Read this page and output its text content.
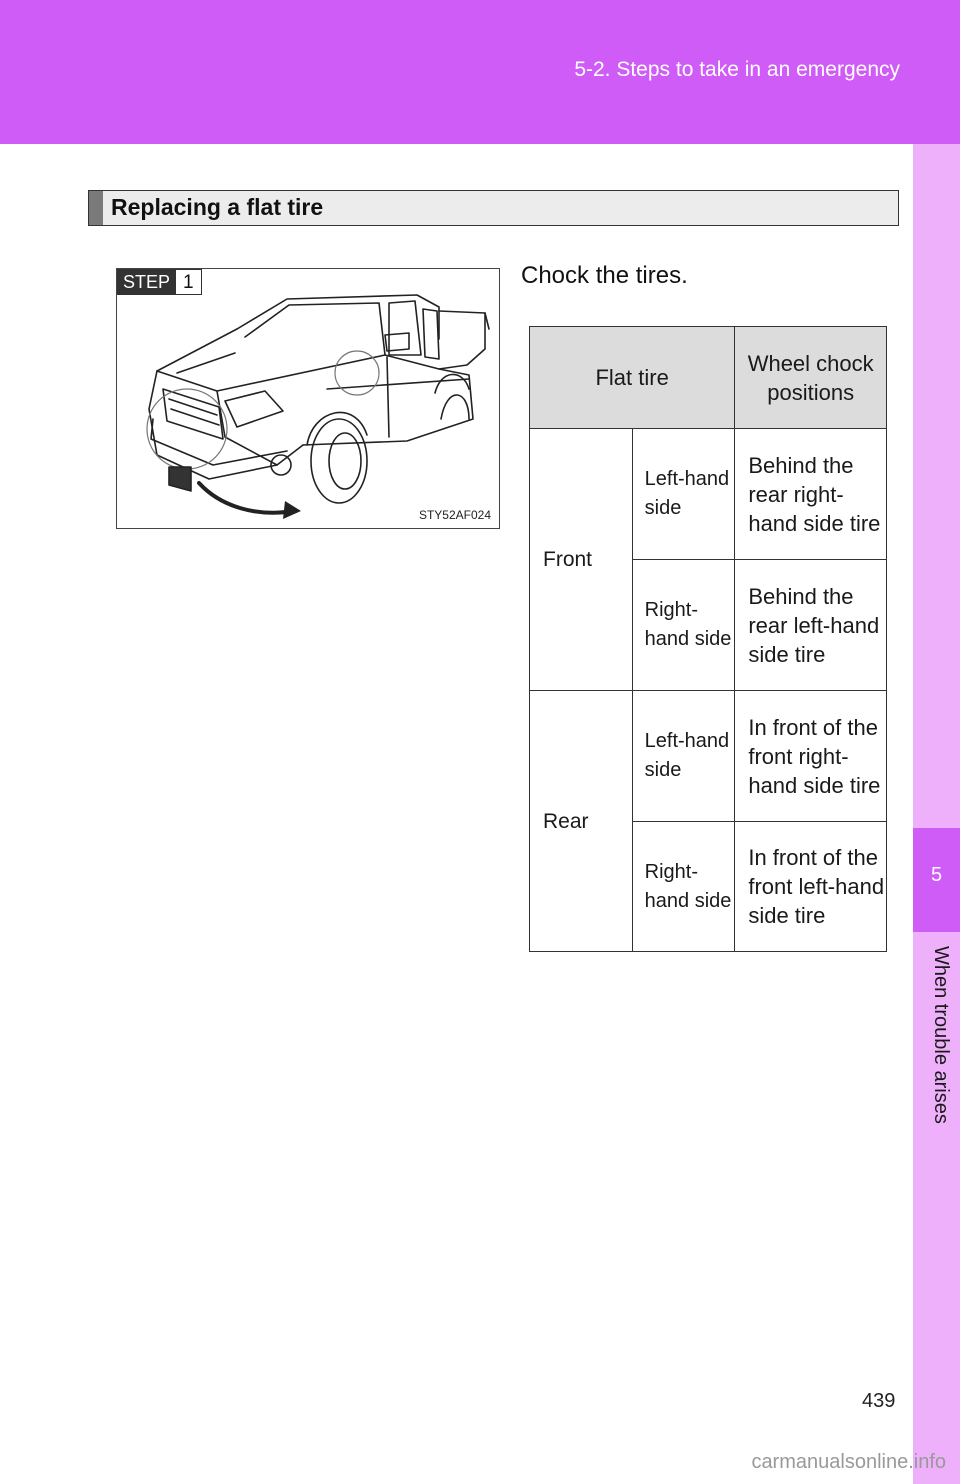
5-2. Steps to take in an emergency
5
When trouble arises
Replacing a flat tire
STEP 1
STY52AF024
Chock the tires.
Flat tire		Wheel chock positions
Front	Left-hand side	Behind the rear right-hand side tire
	Right-hand side	Behind the rear left-hand side tire
Rear	Left-hand side	In front of the front right-hand side tire
	Right-hand side	In front of the front left-hand side tire
439
carmanualsonline.info
